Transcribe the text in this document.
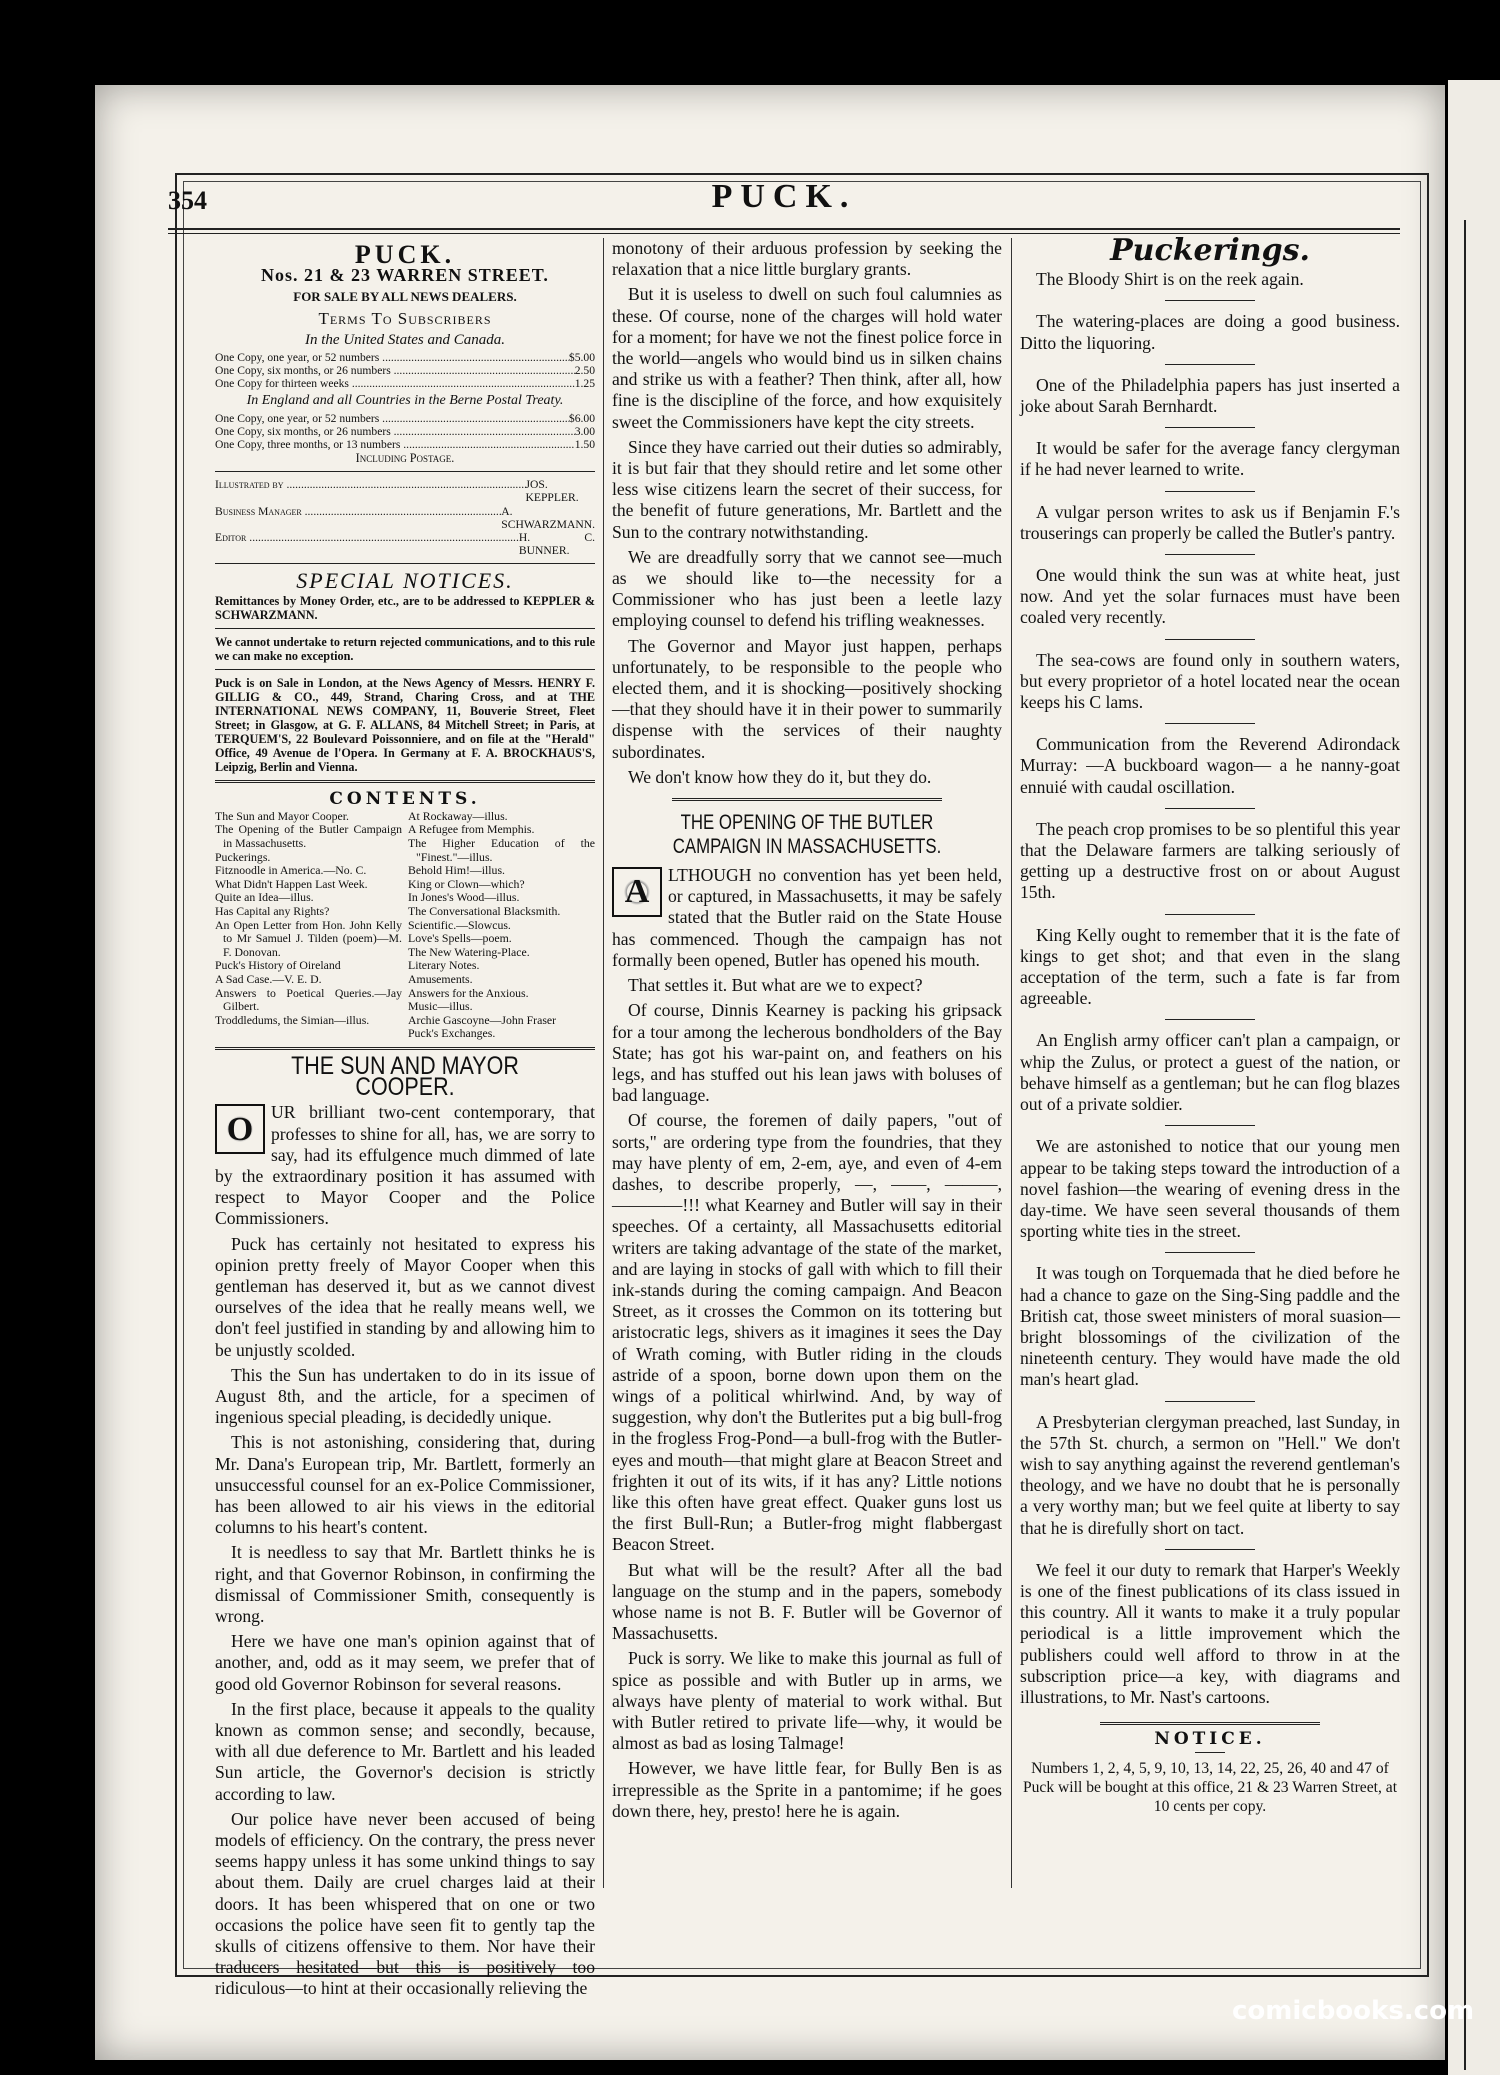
PUCK.
354
PUCK.
Nos. 21 & 23 WARREN STREET.
FOR SALE BY ALL NEWS DEALERS.
Terms To Subscribers
In the United States and Canada.
One Copy, one year, or 52 numbers .....	$5.00
One Copy, six months, or 26 numbers .....	2.50
One Copy for thirteen weeks .....	1.25
In England and all Countries in the Berne Postal Treaty.
One Copy, one year, or 52 numbers .....	$6.00
One Copy, six months, or 26 numbers .....	3.00
One Copy, three months, or 13 numbers .....	1.50
Including Postage.
Illustrated by .....	JOS. KEPPLER.
Business Manager .....	A. SCHWARZMANN.
Editor .....	H. C. BUNNER.
SPECIAL NOTICES.
Remittances by Money Order, etc., are to be addressed to KEPPLER & SCHWARZMANN.
We cannot undertake to return rejected communications, and to this rule we can make no exception.
Puck is on Sale in London, at the News Agency of Messrs. HENRY F. GILLIG & CO., 449, Strand, Charing Cross, and at THE INTERNATIONAL NEWS COMPANY, 11, Bouverie Street, Fleet Street; in Glasgow, at G. F. ALLANS, 84 Mitchell Street; in Paris, at TERQUEM'S, 22 Boulevard Poissonniere, and on file at the "Herald" Office, 49 Avenue de l'Opera. In Germany at F. A. BROCKHAUS'S, Leipzig, Berlin and Vienna.
CONTENTS.
The Sun and Mayor Cooper.
The Opening of the Butler Campaign in Massachusetts.
Puckerings.
Fitznoodle in America.—No. C.
What Didn't Happen Last Week.
Quite an Idea—illus.
Has Capital any Rights?
An Open Letter from Hon. John Kelly to Mr Samuel J. Tilden (poem)—M. F. Donovan.
Puck's History of Oireland
A Sad Case.—V. E. D.
Answers to Poetical Queries.—Jay Gilbert.
Troddledums, the Simian—illus.
At Rockaway—illus.
A Refugee from Memphis.
The Higher Education of the "Finest."—illus.
Behold Him!—illus.
King or Clown—which?
In Jones's Wood—illus.
The Conversational Blacksmith.
Scientific.—Slowcus.
Love's Spells—poem.
The New Watering-Place.
Literary Notes.
Amusements.
Answers for the Anxious.
Music—illus.
Archie Gascoyne—John Fraser
Puck's Exchanges.
THE SUN AND MAYOR COOPER.
O	UR brilliant two-cent contemporary, that professes to shine for all, has, we are sorry to say, had its effulgence much dimmed of late by the extraordinary position it has assumed with respect to Mayor Cooper and the Police Commissioners.

Puck has certainly not hesitated to express his opinion pretty freely of Mayor Cooper when this gentleman has deserved it, but as we cannot divest ourselves of the idea that he really means well, we don't feel justified in standing by and allowing him to be unjustly scolded.

This the Sun has undertaken to do in its issue of August 8th, and the article, for a specimen of ingenious special pleading, is decidedly unique.

This is not astonishing, considering that, during Mr. Dana's European trip, Mr. Bartlett, formerly an unsuccessful counsel for an ex-Police Commissioner, has been allowed to air his views in the editorial columns to his heart's content.

It is needless to say that Mr. Bartlett thinks he is right, and that Governor Robinson, in confirming the dismissal of Commissioner Smith, consequently is wrong.

Here we have one man's opinion against that of another, and, odd as it may seem, we prefer that of good old Governor Robinson for several reasons.

In the first place, because it appeals to the quality known as common sense; and secondly, because, with all due deference to Mr. Bartlett and his leaded Sun article, the Governor's decision is strictly according to law.

Our police have never been accused of being models of efficiency. On the contrary, the press never seems happy unless it has some unkind things to say about them. Daily are cruel charges laid at their doors. It has been whispered that on one or two occasions the police have seen fit to gently tap the skulls of citizens offensive to them. Nor have their traducers hesitated—but this is positively too ridiculous—to hint at their occasionally relieving the

monotony of their arduous profession by seeking the relaxation that a nice little burglary grants.

But it is useless to dwell on such foul calumnies as these. Of course, none of the charges will hold water for a moment; for have we not the finest police force in the world—angels who would bind us in silken chains and strike us with a feather? Then think, after all, how fine is the discipline of the force, and how exquisitely sweet the Commissioners have kept the city streets.

Since they have carried out their duties so admirably, it is but fair that they should retire and let some other less wise citizens learn the secret of their success, for the benefit of future generations, Mr. Bartlett and the Sun to the contrary notwithstanding.

We are dreadfully sorry that we cannot see—much as we should like to—the necessity for a Commissioner who has just been a leetle lazy employing counsel to defend his trifling weaknesses.

The Governor and Mayor just happen, perhaps unfortunately, to be responsible to the people who elected them, and it is shocking—positively shocking—that they should have it in their power to summarily dispense with the services of their naughty subordinates.

We don't know how they do it, but they do.

THE OPENING OF THE BUTLER CAMPAIGN IN MASSACHUSETTS.
A	LTHOUGH no convention has yet been held, or captured, in Massachusetts, it may be safely stated that the Butler raid on the State House has commenced. Though the campaign has not formally been opened, Butler has opened his mouth.

That settles it. But what are we to expect?

Of course, Dinnis Kearney is packing his gripsack for a tour among the lecherous bondholders of the Bay State; has got his war-paint on, and feathers on his legs, and has stuffed out his lean jaws with boluses of bad language.

Of course, the foremen of daily papers, "out of sorts," are ordering type from the foundries, that they may have plenty of em, 2-em, aye, and even of 4-em dashes, to describe properly, —, ——, ———, ————!!! what Kearney and Butler will say in their speeches. Of a certainty, all Massachusetts editorial writers are taking advantage of the state of the market, and are laying in stocks of gall with which to fill their ink-stands during the coming campaign. And Beacon Street, as it crosses the Common on its tottering but aristocratic legs, shivers as it imagines it sees the Day of Wrath coming, with Butler riding in the clouds astride of a spoon, borne down upon them on the wings of a political whirlwind. And, by way of suggestion, why don't the Butlerites put a big bull-frog in the frogless Frog-Pond—a bull-frog with the Butler-eyes and mouth—that might glare at Beacon Street and frighten it out of its wits, if it has any? Little notions like this often have great effect. Quaker guns lost us the first Bull-Run; a Butler-frog might flabbergast Beacon Street.

But what will be the result? After all the bad language on the stump and in the papers, somebody whose name is not B. F. Butler will be Governor of Massachusetts.

Puck is sorry. We like to make this journal as full of spice as possible and with Butler up in arms, we always have plenty of material to work withal. But with Butler retired to private life—why, it would be almost as bad as losing Talmage!

However, we have little fear, for Bully Ben is as irrepressible as the Sprite in a pantomime; if he goes down there, hey, presto! here he is again.

Puckerings.

The Bloody Shirt is on the reek again.

The watering-places are doing a good business. Ditto the liquoring.

One of the Philadelphia papers has just inserted a joke about Sarah Bernhardt.

It would be safer for the average fancy clergyman if he had never learned to write.

A vulgar person writes to ask us if Benjamin F.'s trouserings can properly be called the Butler's pantry.

One would think the sun was at white heat, just now. And yet the solar furnaces must have been coaled very recently.

The sea-cows are found only in southern waters, but every proprietor of a hotel located near the ocean keeps his C lams.

Communication from the Reverend Adirondack Murray: —A buckboard wagon— a he nanny-goat ennuié with caudal oscillation.

The peach crop promises to be so plentiful this year that the Delaware farmers are talking seriously of getting up a destructive frost on or about August 15th.

King Kelly ought to remember that it is the fate of kings to get shot; and that even in the slang acceptation of the term, such a fate is far from agreeable.

An English army officer can't plan a campaign, or whip the Zulus, or protect a guest of the nation, or behave himself as a gentleman; but he can flog blazes out of a private soldier.

We are astonished to notice that our young men appear to be taking steps toward the introduction of a novel fashion—the wearing of evening dress in the day-time. We have seen several thousands of them sporting white ties in the street.

It was tough on Torquemada that he died before he had a chance to gaze on the Sing-Sing paddle and the British cat, those sweet ministers of moral suasion—bright blossomings of the civilization of the nineteenth century. They would have made the old man's heart glad.

A Presbyterian clergyman preached, last Sunday, in the 57th St. church, a sermon on "Hell." We don't wish to say anything against the reverend gentleman's theology, and we have no doubt that he is personally a very worthy man; but we feel quite at liberty to say that he is direfully short on tact.

We feel it our duty to remark that Harper's Weekly is one of the finest publications of its class issued in this country. All it wants to make it a truly popular periodical is a little improvement which the publishers could well afford to throw in at the subscription price—a key, with diagrams and illustrations, to Mr. Nast's cartoons.

NOTICE.

Numbers 1, 2, 4, 5, 9, 10, 13, 14, 22, 25, 26, 40 and 47 of Puck will be bought at this office, 21 & 23 Warren Street, at 10 cents per copy.

comicbooks.com
